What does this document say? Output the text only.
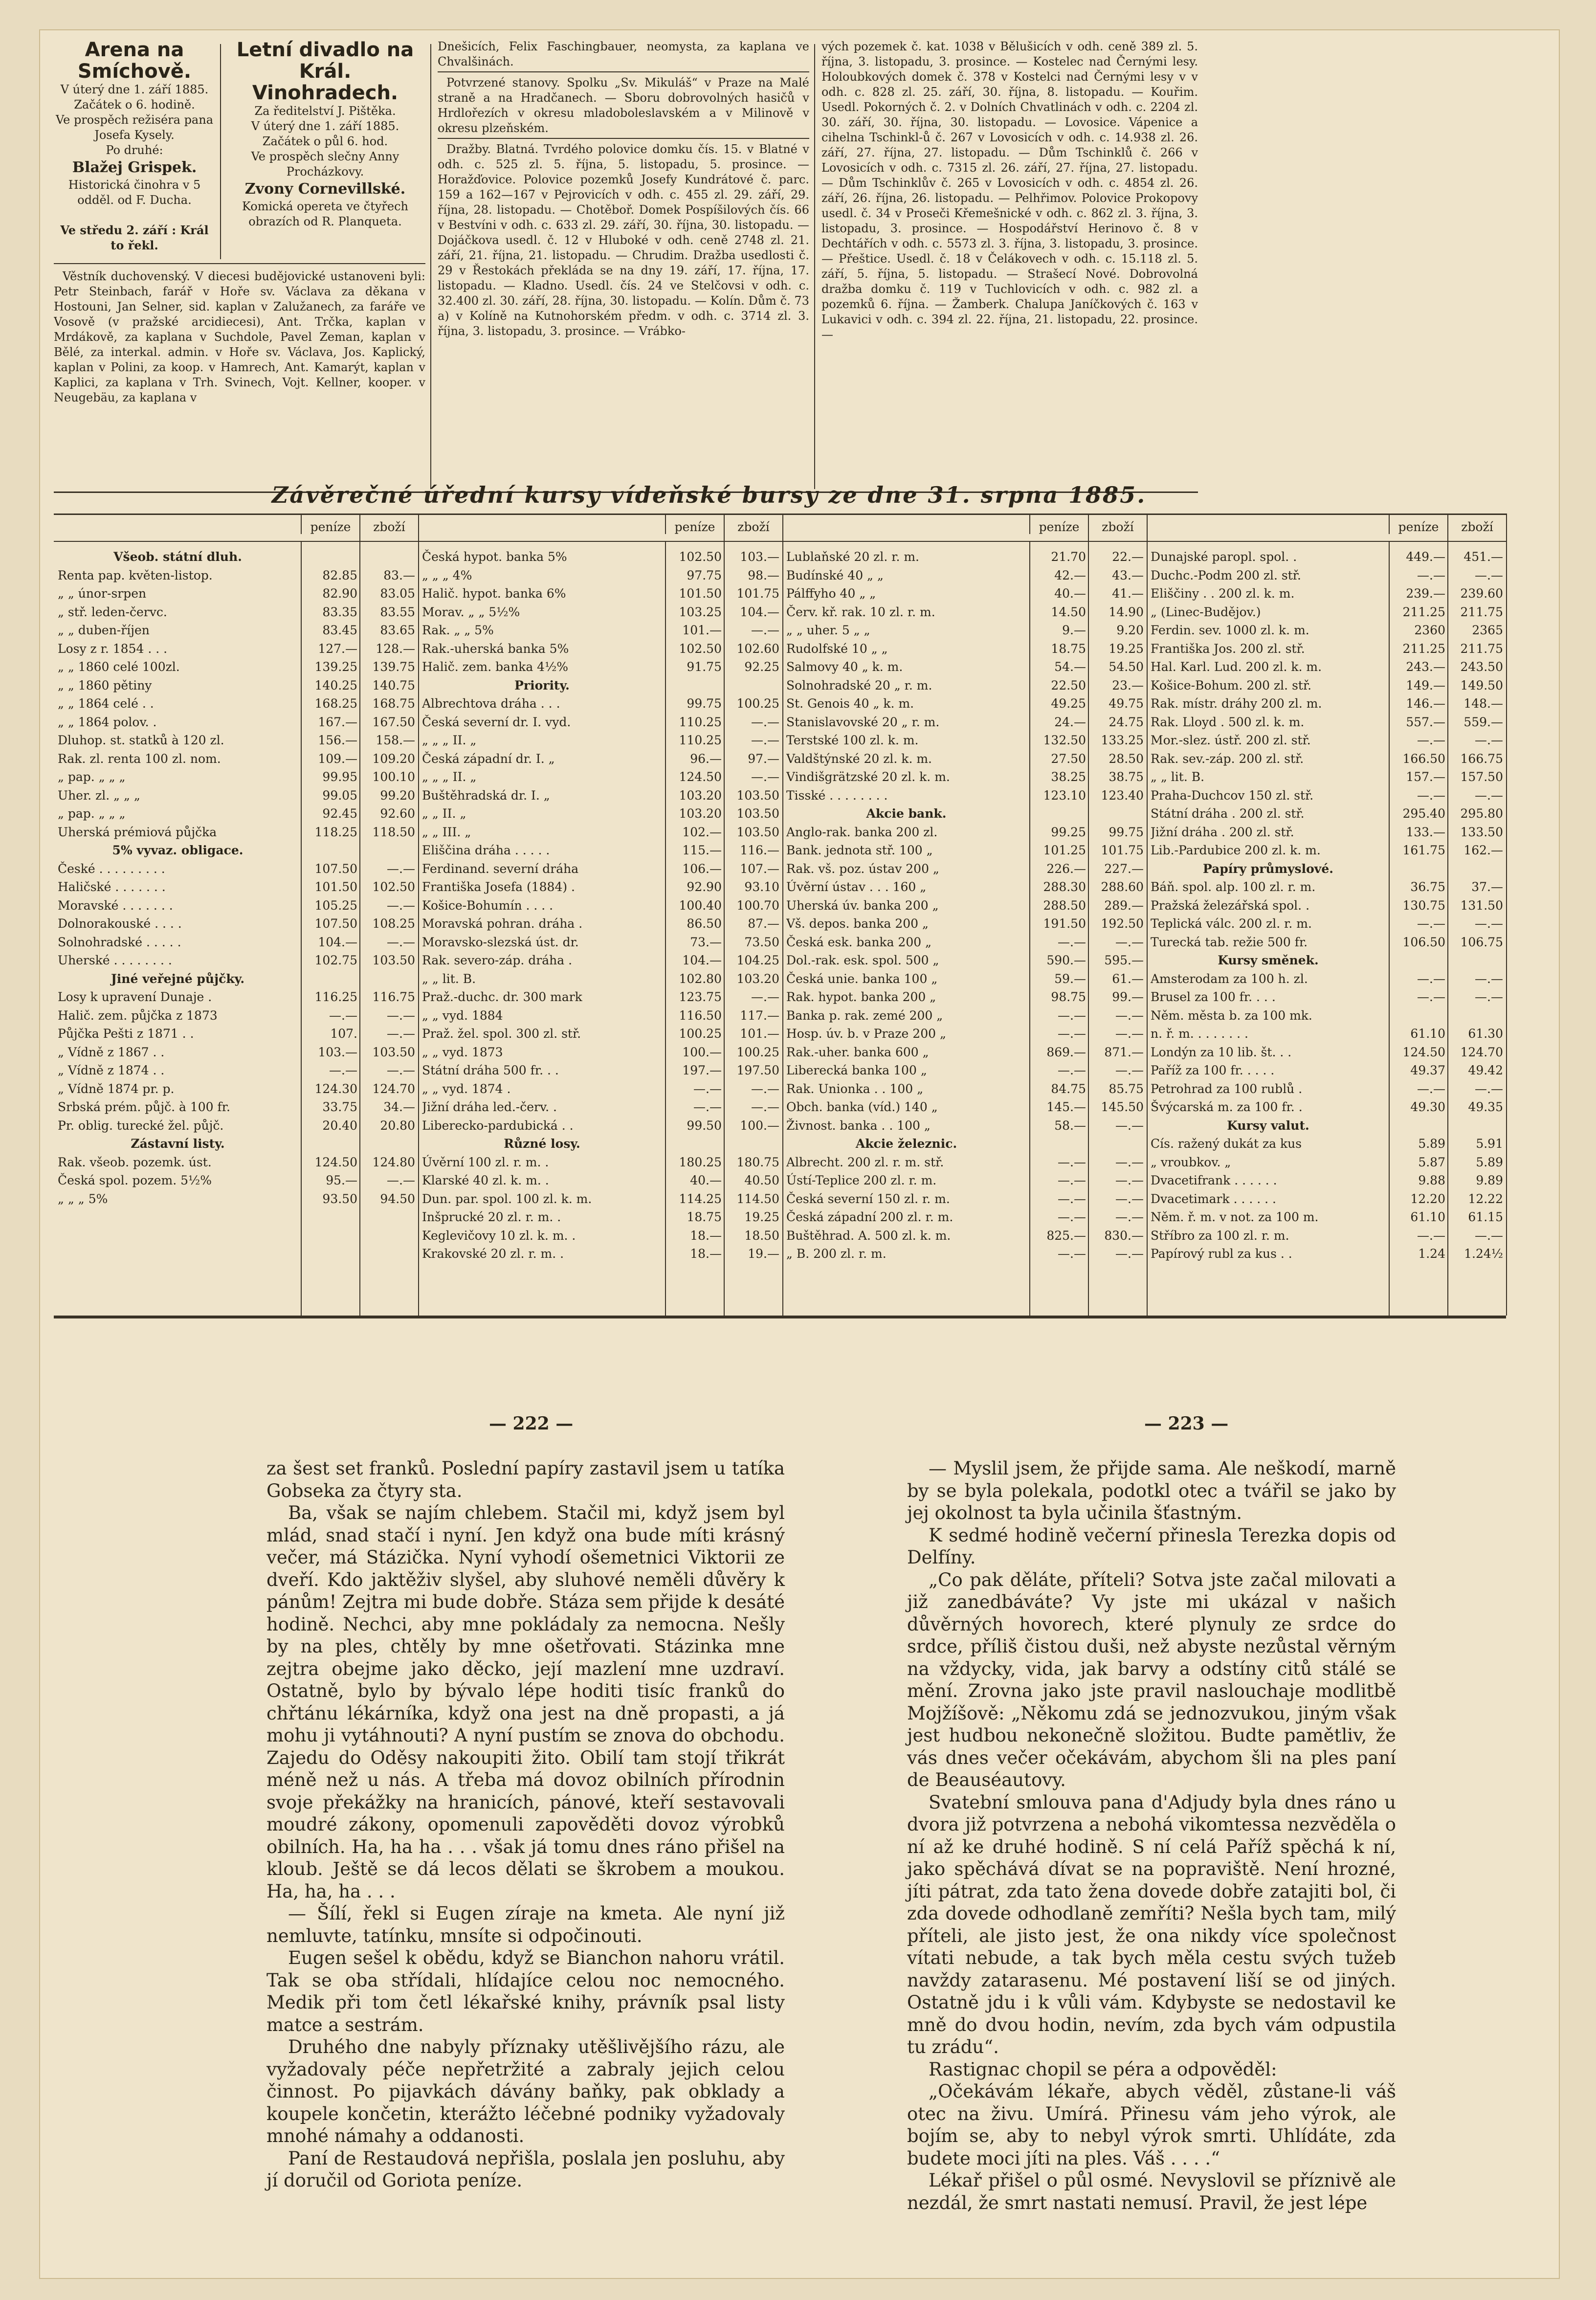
Arena na Smíchově.
V úterý dne 1. září 1885.
Začátek o 6. hodině.
Ve prospěch režiséra pana Josefa Kysely.
Po druhé:
Blažej Grispek.
Historická činohra v 5 odděl. od F. Ducha.
Ve středu 2. září : Král to řekl.
Letní divadlo na Král. Vinohradech.
Za ředitelství J. Pištěka.
V úterý dne 1. září 1885.
Začátek o půl 6. hod.
Ve prospěch slečny Anny Procházkovy.
Zvony Cornevillské.
Komická opereta ve čtyřech obrazích od R. Planqueta.

Věstník duchovenský. V diecesi budějovické ustanoveni byli: Petr Steinbach, farář v Hoře sv. Václava za děkana v Hostouni, Jan Selner, sid. kaplan v Zalužanech, za faráře ve Vosově (v pražské arcidiecesi), Ant. Trčka, kaplan v Mrdákově, za kaplana v Suchdole, Pavel Zeman, kaplan v Bělé, za interkal. admin. v Hoře sv. Václava, Jos. Kaplický, kaplan v Polini, za koop. v Hamrech, Ant. Kamarýt, kaplan v Kaplici, za kaplana v Trh. Svinech, Vojt. Kellner, kooper. v Neugebäu, za kaplana v

Dnešicích, Felix Faschingbauer, neomysta, za kaplana ve Chvalšinách.

Potvrzené stanovy. Spolku „Sv. Mikuláš“ v Praze na Malé straně a na Hradčanech. — Sboru dobrovolných hasičů v Hrdlořezích v okresu mladoboleslavském a v Milinově v okresu plzeňském.

Dražby. Blatná. Tvrdého polovice domku čís. 15. v Blatné v odh. c. 525 zl. 5. října, 5. listopadu, 5. prosince. — Horažďovice. Polovice pozemků Josefy Kundrátové č. parc. 159 a 162—167 v Pejrovicích v odh. c. 455 zl. 29. září, 29. října, 28. listopadu. — Chotěboř. Domek Pospíšilových čís. 66 v Bestvíni v odh. c. 633 zl. 29. září, 30. října, 30. listopadu. — Dojáčkova usedl. č. 12 v Hluboké v odh. ceně 2748 zl. 21. září, 21. října, 21. listopadu. — Chrudim. Dražba usedlosti č. 29 v Řestokách překláda se na dny 19. září, 17. října, 17. listopadu. — Kladno. Usedl. čís. 24 ve Stelčovsi v odh. c. 32.400 zl. 30. září, 28. října, 30. listopadu. — Kolín. Dům č. 73 a) v Kolíně na Kutnohorském předm. v odh. c. 3714 zl. 3. října, 3. listopadu, 3. prosince. — Vrábko-

vých pozemek č. kat. 1038 v Bělušicích v odh. ceně 389 zl. 5. října, 3. listopadu, 3. prosince. — Kostelec nad Černými lesy. Holoubkových domek č. 378 v Kostelci nad Černými lesy v v odh. c. 828 zl. 25. září, 30. října, 8. listopadu. — Kouřim. Usedl. Pokorných č. 2. v Dolních Chvatlinách v odh. c. 2204 zl. 30. září, 30. října, 30. listopadu. — Lovosice. Vápenice a cihelna Tschinkl-ů č. 267 v Lovosicích v odh. c. 14.938 zl. 26. září, 27. října, 27. listopadu. — Dům Tschinklů č. 266 v Lovosicích v odh. c. 7315 zl. 26. září, 27. října, 27. listopadu. — Dům Tschinklův č. 265 v Lovosicích v odh. c. 4854 zl. 26. září, 26. října, 26. listopadu. — Pelhřimov. Polovice Prokopovy usedl. č. 34 v Proseči Křemešnické v odh. c. 862 zl. 3. října, 3. listopadu, 3. prosince. — Hospodářství Herinovo č. 8 v Dechtářích v odh. c. 5573 zl. 3. října, 3. listopadu, 3. prosince. — Přeštice. Usedl. č. 18 v Čelákovech v odh. c. 15.118 zl. 5. září, 5. října, 5. listopadu. — Strašecí Nové. Dobrovolná dražba domku č. 119 v Tuchlovicích v odh. c. 982 zl. a pozemků 6. října. — Žamberk. Chalupa Janíčkových č. 163 v Lukavici v odh. c. 394 zl. 22. října, 21. listopadu, 22. prosince. —

Závěrečné úřední kursy vídeňské bursy ze dne 31. srpna 1885.
peníze	zboží
Všeob. státní dluh.
Renta pap. květen-listop.	82.85	83.—
„ „ únor-srpen	82.90	83.05
„ stř. leden-červc.	83.35	83.55
„ „ duben-říjen	83.45	83.65
Losy z r. 1854 . . .	127.—	128.—
„ „ 1860 celé 100zl.	139.25	139.75
„ „ 1860 pětiny	140.25	140.75
„ „ 1864 celé . .	168.25	168.75
„ „ 1864 polov. .	167.—	167.50
Dluhop. st. statků à 120 zl.	156.—	158.—
Rak. zl. renta 100 zl. nom.	109.—	109.20
„ pap. „ „ „	99.95	100.10
Uher. zl. „ „ „	99.05	99.20
„ pap. „ „ „	92.45	92.60
Uherská prémiová půjčka	118.25	118.50
5% vyvaz. obligace.
České . . . . . . . . .	107.50	—.—
Haličské . . . . . . .	101.50	102.50
Moravské . . . . . . .	105.25	—.—
Dolnorakouské . . . .	107.50	108.25
Solnohradské . . . . .	104.—	—.—
Uherské . . . . . . . .	102.75	103.50
Jiné veřejné půjčky.
Losy k upravení Dunaje .	116.25	116.75
Halič. zem. půjčka z 1873	—.—	—.—
Půjčka Pešti z 1871 . .	107.	—.—
„ Vídně z 1867 . .	103.—	103.50
„ Vídně z 1874 . .	—.—	—.—
„ Vídně 1874 pr. p.	124.30	124.70
Srbská prém. půjč. à 100 fr.	33.75	34.—
Pr. oblig. turecké žel. půjč.	20.40	20.80
Zástavní listy.
Rak. všeob. pozemk. úst.	124.50	124.80
Česká spol. pozem. 5½%	95.—	—.—
„ „ „ 5%	93.50	94.50
peníze	zboží
Česká hypot. banka 5%	102.50	103.—
„ „ „ 4%	97.75	98.—
Halič. hypot. banka 6%	101.50	101.75
Morav. „ „ 5½%	103.25	104.—
Rak. „ „ 5%	101.—	—.—
Rak.-uherská banka 5%	102.50	102.60
Halič. zem. banka 4½%	91.75	92.25
Priority.
Albrechtova dráha . . .	99.75	100.25
Česká severní dr. I. vyd.	110.25	—.—
„ „ „ II. „	110.25	—.—
Česká západní dr. I. „	96.—	97.—
„ „ „ II. „	124.50	—.—
Buštěhradská dr. I. „	103.20	103.50
„ „ II. „	103.20	103.50
„ „ III. „	102.—	103.50
Eliščina dráha . . . . .	115.—	116.—
Ferdinand. severní dráha	106.—	107.—
Františka Josefa (1884) .	92.90	93.10
Košice-Bohumín . . . .	100.40	100.70
Moravská pohran. dráha .	86.50	87.—
Moravsko-slezská úst. dr.	73.—	73.50
Rak. severo-záp. dráha .	104.—	104.25
„ „ lit. B.	102.80	103.20
Praž.-duchc. dr. 300 mark	123.75	—.—
„ „ vyd. 1884	116.50	117.—
Praž. žel. spol. 300 zl. stř.	100.25	101.—
„ „ vyd. 1873	100.—	100.25
Státní dráha 500 fr. . .	197.—	197.50
„ „ vyd. 1874 .	—.—	—.—
Jižní dráha led.-červ. .	—.—	—.—
Liberecko-pardubická . .	99.50	100.—
Různé losy.
Úvěrní 100 zl. r. m. .	180.25	180.75
Klarské 40 zl. k. m. .	40.—	40.50
Dun. par. spol. 100 zl. k. m.	114.25	114.50
Inšprucké 20 zl. r. m. .	18.75	19.25
Keglevičovy 10 zl. k. m. .	18.—	18.50
Krakovské 20 zl. r. m. .	18.—	19.—
peníze	zboží
Lublaňské 20 zl. r. m.	21.70	22.—
Budínské 40 „ „	42.—	43.—
Pálffyho 40 „ „	40.—	41.—
Červ. kř. rak. 10 zl. r. m.	14.50	14.90
„ „ uher. 5 „ „	9.—	9.20
Rudolfské 10 „ „	18.75	19.25
Salmovy 40 „ k. m.	54.—	54.50
Solnohradské 20 „ r. m.	22.50	23.—
St. Genois 40 „ k. m.	49.25	49.75
Stanislavovské 20 „ r. m.	24.—	24.75
Terstské 100 zl. k. m.	132.50	133.25
Valdštýnské 20 zl. k. m.	27.50	28.50
Vindišgrätzské 20 zl. k. m.	38.25	38.75
Tisské . . . . . . . .	123.10	123.40
Akcie bank.
Anglo-rak. banka 200 zl.	99.25	99.75
Bank. jednota stř. 100 „	101.25	101.75
Rak. vš. poz. ústav 200 „	226.—	227.—
Úvěrní ústav . . . 160 „	288.30	288.60
Uherská úv. banka 200 „	288.50	289.—
Vš. depos. banka 200 „	191.50	192.50
Česká esk. banka 200 „	—.—	—.—
Dol.-rak. esk. spol. 500 „	590.—	595.—
Česká unie. banka 100 „	59.—	61.—
Rak. hypot. banka 200 „	98.75	99.—
Banka p. rak. zemé 200 „	—.—	—.—
Hosp. úv. b. v Praze 200 „	—.—	—.—
Rak.-uher. banka 600 „	869.—	871.—
Liberecká banka 100 „	—.—	—.—
Rak. Unionka . . 100 „	84.75	85.75
Obch. banka (víd.) 140 „	145.—	145.50
Živnost. banka . . 100 „	58.—	—.—
Akcie železnic.
Albrecht. 200 zl. r. m. stř.	—.—	—.—
Ústí-Teplice 200 zl. r. m.	—.—	—.—
Česká severní 150 zl. r. m.	—.—	—.—
Česká západní 200 zl. r. m.	—.—	—.—
Buštěhrad. A. 500 zl. k. m.	825.—	830.—
„ B. 200 zl. r. m.	—.—	—.—
peníze	zboží
Dunajské paropl. spol. .	449.—	451.—
Duchc.-Podm 200 zl. stř.	—.—	—.—
Eliščiny . . 200 zl. k. m.	239.—	239.60
„ (Linec-Budějov.)	211.25	211.75
Ferdin. sev. 1000 zl. k. m.	2360	2365
Františka Jos. 200 zl. stř.	211.25	211.75
Hal. Karl. Lud. 200 zl. k. m.	243.—	243.50
Košice-Bohum. 200 zl. stř.	149.—	149.50
Rak. místr. dráhy 200 zl. m.	146.—	148.—
Rak. Lloyd . 500 zl. k. m.	557.—	559.—
Mor.-slez. ústř. 200 zl. stř.	—.—	—.—
Rak. sev.-záp. 200 zl. stř.	166.50	166.75
„ „ lit. B.	157.—	157.50
Praha-Duchcov 150 zl. stř.	—.—	—.—
Státní dráha . 200 zl. stř.	295.40	295.80
Jižní dráha . 200 zl. stř.	133.—	133.50
Lib.-Pardubice 200 zl. k. m.	161.75	162.—
Papíry průmyslové.
Báň. spol. alp. 100 zl. r. m.	36.75	37.—
Pražská železářská spol. .	130.75	131.50
Teplická válc. 200 zl. r. m.	—.—	—.—
Turecká tab. režie 500 fr.	106.50	106.75
Kursy směnek.
Amsterodam za 100 h. zl.	—.—	—.—
Brusel za 100 fr. . . .	—.—	—.—
Něm. města b. za 100 mk.
n. ř. m. . . . . . . .	61.10	61.30
Londýn za 10 lib. št. . .	124.50	124.70
Paříž za 100 fr. . . . .	49.37	49.42
Petrohrad za 100 rublů .	—.—	—.—
Švýcarská m. za 100 fr. .	49.30	49.35
Kursy valut.
Cís. ražený dukát za kus	5.89	5.91
„ vroubkov. „	5.87	5.89
Dvacetifrank . . . . . .	9.88	9.89
Dvacetimark . . . . . .	12.20	12.22
Něm. ř. m. v not. za 100 m.	61.10	61.15
Stříbro za 100 zl. r. m.	—.—	—.—
Papírový rubl za kus . .	1.24	1.24½
— 222 —	— 223 —

za šest set franků. Poslední papíry zastavil jsem u tatíka Gobseka za čtyry sta.

Ba, však se najím chlebem. Stačil mi, když jsem byl mlád, snad stačí i nyní. Jen když ona bude míti krásný večer, má Stázička. Nyní vyhodí ošemetnici Viktorii ze dveří. Kdo jaktěživ slyšel, aby sluhové neměli důvěry k pánům! Zejtra mi bude dobře. Stáza sem přijde k desáté hodině. Nechci, aby mne pokládaly za nemocna. Nešly by na ples, chtěly by mne ošetřovati. Stázinka mne zejtra obejme jako děcko, její mazlení mne uzdraví. Ostatně, bylo by bývalo lépe hoditi tisíc franků do chřtánu lékárníka, když ona jest na dně propasti, a já mohu ji vytáhnouti? A nyní pustím se znova do obchodu. Zajedu do Oděsy nakoupiti žito. Obilí tam stojí třikrát méně než u nás. A třeba má dovoz obilních přírodnin svoje překážky na hranicích, pánové, kteří sestavovali moudré zákony, opomenuli zapověděti dovoz výrobků obilních. Ha, ha ha . . . však já tomu dnes ráno přišel na kloub. Ještě se dá lecos dělati se škrobem a moukou. Ha, ha, ha . . .

— Šílí, řekl si Eugen zíraje na kmeta. Ale nyní již nemluvte, tatínku, mnsíte si odpočinouti.

Eugen sešel k obědu, když se Bianchon nahoru vrátil. Tak se oba střídali, hlídajíce celou noc nemocného. Medik při tom četl lékařské knihy, právník psal listy matce a sestrám.

Druhého dne nabyly příznaky utěšlivějšího rázu, ale vyžadovaly péče nepřetržité a zabraly jejich celou činnost. Po pijavkách dávány baňky, pak obklady a koupele končetin, kterážto léčebné podniky vyžadovaly mnohé námahy a oddanosti.

Paní de Restaudová nepřišla, poslala jen posluhu, aby jí doručil od Goriota peníze.

— Myslil jsem, že přijde sama. Ale neškodí, marně by se byla polekala, podotkl otec a tvářil se jako by jej okolnost ta byla učinila šťastným.

K sedmé hodině večerní přinesla Terezka dopis od Delfíny.

„Co pak děláte, příteli? Sotva jste začal milovati a již zanedbáváte? Vy jste mi ukázal v našich důvěrných hovorech, které plynuly ze srdce do srdce, příliš čistou duši, než abyste nezůstal věrným na vždycky, vida, jak barvy a odstíny citů stálé se mění. Zrovna jako jste pravil naslouchaje modlitbě Mojžíšově: „Někomu zdá se jednozvukou, jiným však jest hudbou nekonečně složitou. Budte pamětliv, že vás dnes večer očekávám, abychom šli na ples paní de Beauséautovy.

Svatební smlouva pana d'Adjudy byla dnes ráno u dvora již potvrzena a nebohá vikomtessa nezvěděla o ní až ke druhé hodině. S ní celá Paříž spěchá k ní, jako spěchává dívat se na popraviště. Není hrozné, jíti pátrat, zda tato žena dovede dobře zatajiti bol, či zda dovede odhodlaně zemříti? Nešla bych tam, milý příteli, ale jisto jest, že ona nikdy více společnost vítati nebude, a tak bych měla cestu svých tužeb navždy zatarasenu. Mé postavení liší se od jiných. Ostatně jdu i k vůli vám. Kdybyste se nedostavil ke mně do dvou hodin, nevím, zda bych vám odpustila tu zrádu“.

Rastignac chopil se péra a odpověděl:

„Očekávám lékaře, abych věděl, zůstane-li váš otec na živu. Umírá. Přinesu vám jeho výrok, ale bojím se, aby to nebyl výrok smrti. Uhlídáte, zda budete moci jíti na ples. Váš . . . .“

Lékař přišel o půl osmé. Nevyslovil se příznivě ale nezdál, že smrt nastati nemusí. Pravil, že jest lépe
